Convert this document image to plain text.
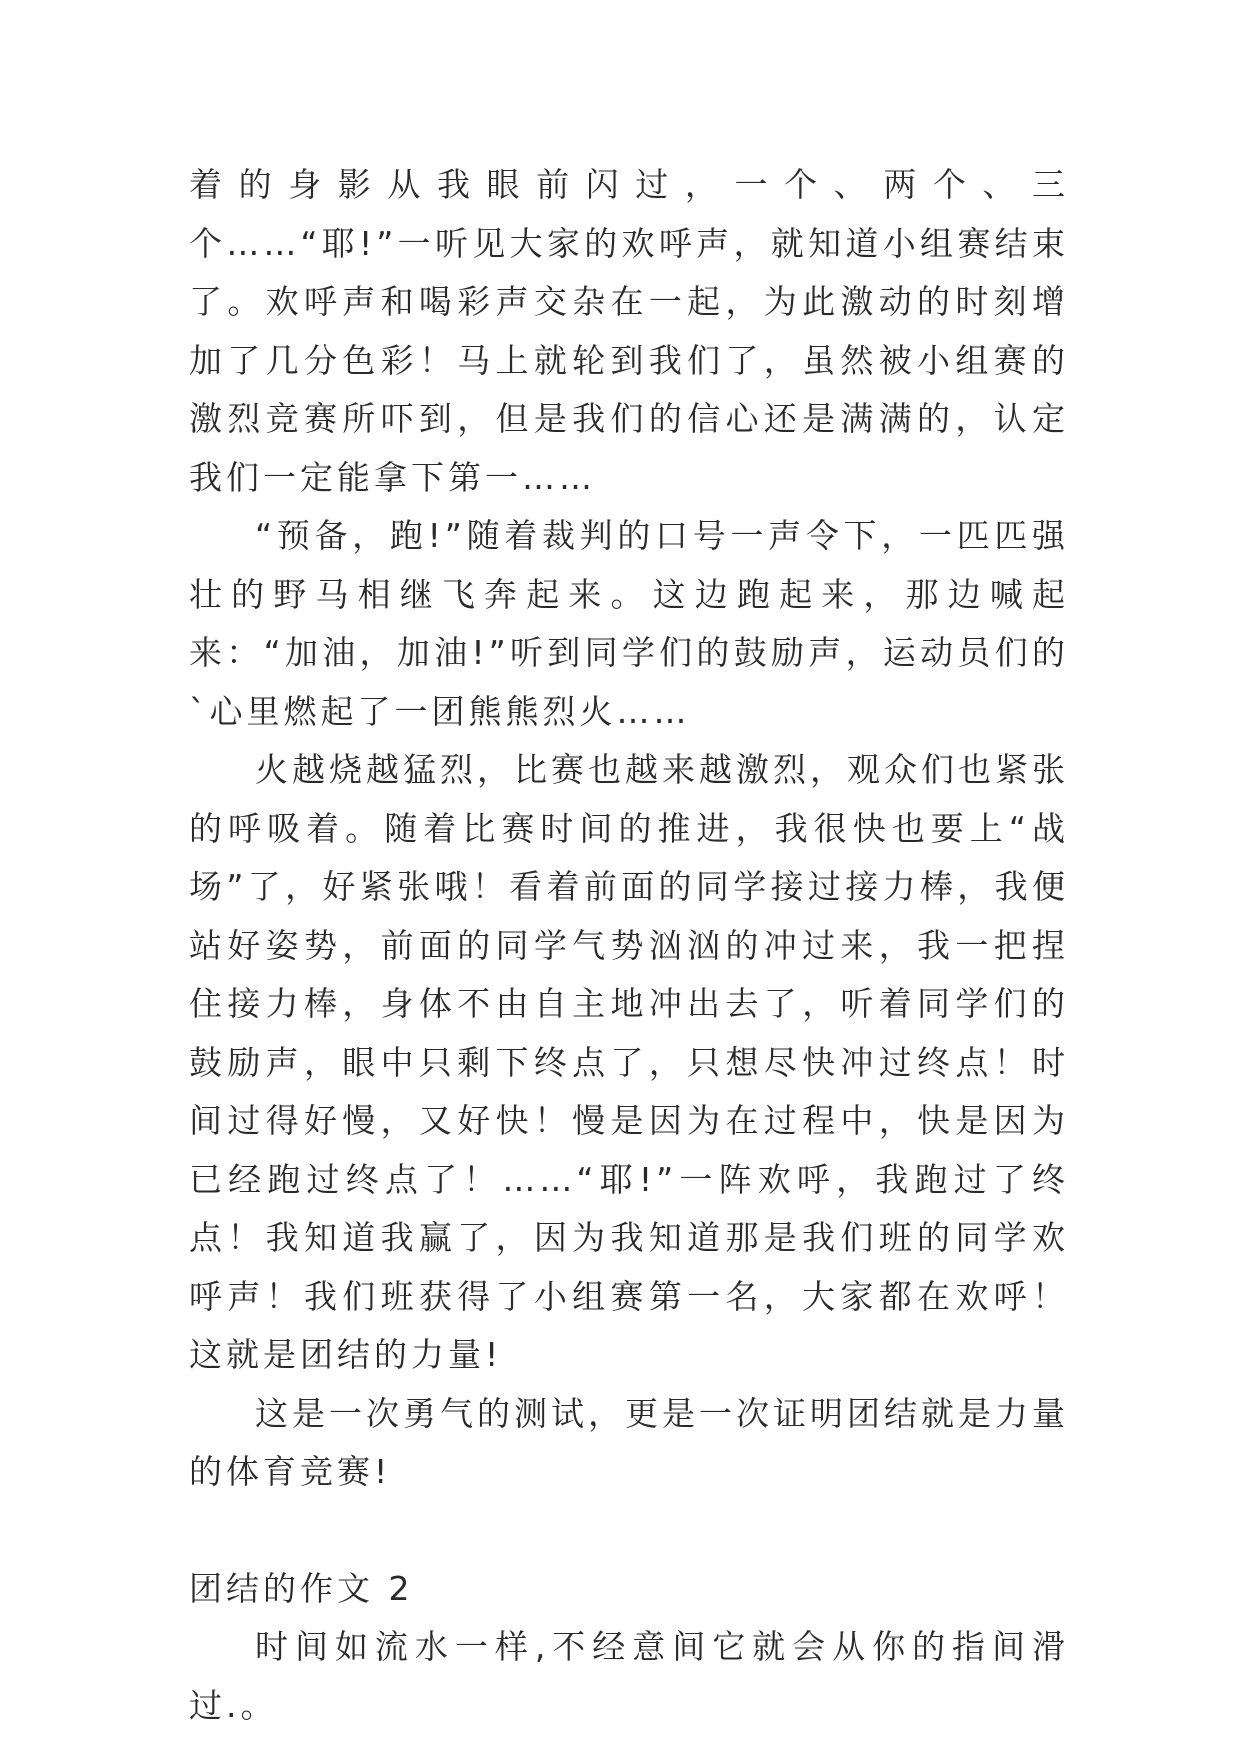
着的身影从我眼前闪过，一个、两个、三个……“耶!”一听见大家的欢呼声，就知道小组赛结束了。欢呼声和喝彩声交杂在一起，为此激动的时刻增加了几分色彩！马上就轮到我们了，虽然被小组赛的激烈竞赛所吓到，但是我们的信心还是满满的，认定我们一定能拿下第一……

“预备，跑!”随着裁判的口号一声令下，一匹匹强壮的野马相继飞奔起来。这边跑起来，那边喊起来：“加油，加油!”听到同学们的鼓励声，运动员们的`心里燃起了一团熊熊烈火……

火越烧越猛烈，比赛也越来越激烈，观众们也紧张的呼吸着。随着比赛时间的推进，我很快也要上“战场”了，好紧张哦！看着前面的同学接过接力棒，我便站好姿势，前面的同学气势汹汹的冲过来，我一把捏住接力棒，身体不由自主地冲出去了，听着同学们的鼓励声，眼中只剩下终点了，只想尽快冲过终点！时间过得好慢，又好快！慢是因为在过程中，快是因为已经跑过终点了！……“耶!”一阵欢呼，我跑过了终点！我知道我赢了，因为我知道那是我们班的同学欢呼声！我们班获得了小组赛第一名，大家都在欢呼！这就是团结的力量!

这是一次勇气的测试，更是一次证明团结就是力量的体育竞赛!

团结的作文 2

时间如流水一样,不经意间它就会从你的指间滑过.。
